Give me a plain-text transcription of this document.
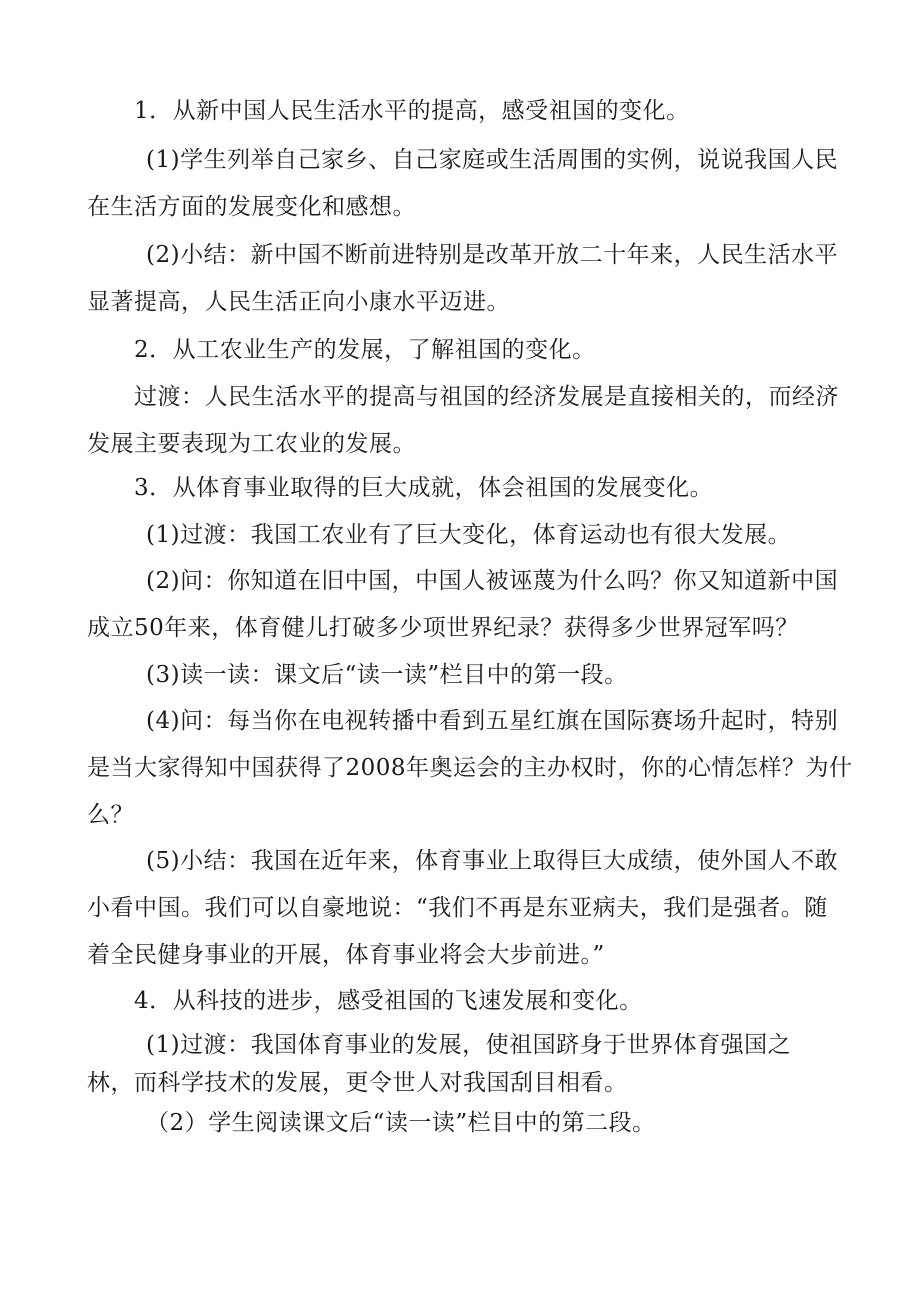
1．从新中国人民生活水平的提高，感受祖国的变化。

(1)学生列举自己家乡、自己家庭或生活周围的实例，说说我国人民
在生活方面的发展变化和感想。

(2)小结：新中国不断前进特别是改革开放二十年来，人民生活水平
显著提高，人民生活正向小康水平迈进。

2．从工农业生产的发展，了解祖国的变化。

过渡：人民生活水平的提高与祖国的经济发展是直接相关的，而经济
发展主要表现为工农业的发展。

3．从体育事业取得的巨大成就，体会祖国的发展变化。

(1)过渡：我国工农业有了巨大变化，体育运动也有很大发展。

(2)问：你知道在旧中国，中国人被诬蔑为什么吗？你又知道新中国
成立50年来，体育健儿打破多少项世界纪录？获得多少世界冠军吗？

(3)读一读：课文后“读一读”栏目中的第一段。

(4)问：每当你在电视转播中看到五星红旗在国际赛场升起时，特别
是当大家得知中国获得了2008年奥运会的主办权时，你的心情怎样？为什
么？

(5)小结：我国在近年来，体育事业上取得巨大成绩，使外国人不敢
小看中国。我们可以自豪地说：“我们不再是东亚病夫，我们是强者。随
着全民健身事业的开展，体育事业将会大步前进。”

4．从科技的进步，感受祖国的飞速发展和变化。

(1)过渡：我国体育事业的发展，使祖国跻身于世界体育强国之
林，而科学技术的发展，更令世人对我国刮目相看。

（2）学生阅读课文后“读一读”栏目中的第二段。
